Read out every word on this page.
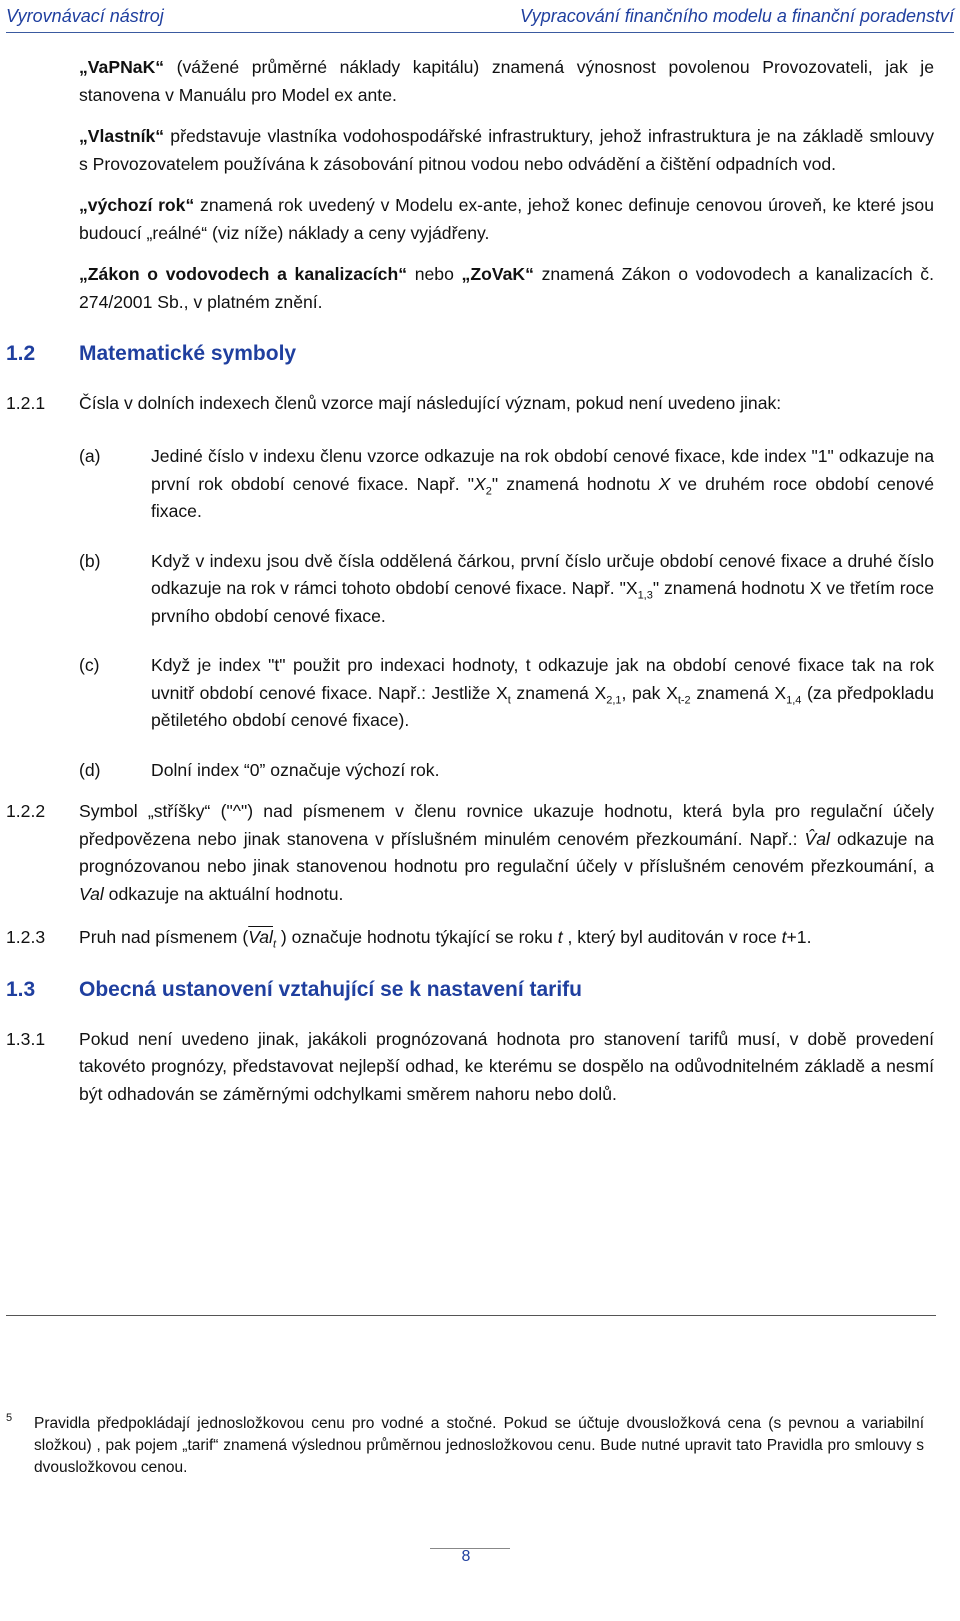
Vyrovnávací nástroj	Vypracování finančního modelu a finanční poradenství

„VaPNaK“ (vážené průměrné náklady kapitálu) znamená výnosnost povolenou Provozovateli, jak je stanovena v Manuálu pro Model ex ante.

„Vlastník“ představuje vlastníka vodohospodářské infrastruktury, jehož infrastruktura je na základě smlouvy s Provozovatelem používána k zásobování pitnou vodou nebo odvádění a čištění odpadních vod.

„výchozí rok“ znamená rok uvedený v Modelu ex-ante, jehož konec definuje cenovou úroveň, ke které jsou budoucí „reálné“ (viz níže) náklady a ceny vyjádřeny.

„Zákon o vodovodech a kanalizacích“ nebo „ZoVaK“ znamená Zákon o vodovodech a kanalizacích č. 274/2001 Sb., v platném znění.

1.2 Matematické symboly
1.2.1 Čísla v dolních indexech členů vzorce mají následující význam, pokud není uvedeno jinak:
(a)	Jediné číslo v indexu členu vzorce odkazuje na rok období cenové fixace, kde index "1" odkazuje na první rok období cenové fixace. Např. "$X_2$" znamená hodnotu X ve druhém roce období cenové fixace.
(b)	Když v indexu jsou dvě čísla oddělená čárkou, první číslo určuje období cenové fixace a druhé číslo odkazuje na rok v rámci tohoto období cenové fixace. Např. "$X_{1,3}$" znamená hodnotu X ve třetím roce prvního období cenové fixace.
(c)	Když je index "t" použit pro indexaci hodnoty, t odkazuje jak na období cenové fixace tak na rok uvnitř období cenové fixace. Např.: Jestliže $X_t$ znamená $X_{2,1}$, pak $X_{t-2}$ znamená $X_{1,4}$ (za předpokladu pětiletého období cenové fixace).
(d)	Dolní index “0” označuje výchozí rok.
1.2.2 Symbol „stříšky“ ("^") nad písmenem v členu rovnice ukazuje hodnotu, která byla pro regulační účely předpovězena nebo jinak stanovena v příslušném minulém cenovém přezkoumání. Např.: V̂al odkazuje na prognózovanou nebo jinak stanovenou hodnotu pro regulační účely v příslušném cenovém přezkoumání, a Val odkazuje na aktuální hodnotu.
1.2.3 Pruh nad písmenem ($\overline{Val}_t$ ) označuje hodnotu týkající se roku t , který byl auditován v roce t+1.
1.3 Obecná ustanovení vztahující se k nastavení tarifu
1.3.1 Pokud není uvedeno jinak, jakákoli prognózovaná hodnota pro stanovení tarifů musí, v době provedení takovéto prognózy, představovat nejlepší odhad, ke kterému se dospělo na odůvodnitelném základě a nesmí být odhadován se záměrnými odchylkami směrem nahoru nebo dolů.
5 Pravidla předpokládají jednosložkovou cenu pro vodné a stočné. Pokud se účtuje dvousložková cena (s pevnou a variabilní složkou) , pak pojem „tarif“ znamená výslednou průměrnou jednosložkovou cenu. Bude nutné upravit tato Pravidla pro smlouvy s dvousložkovou cenou.
8
